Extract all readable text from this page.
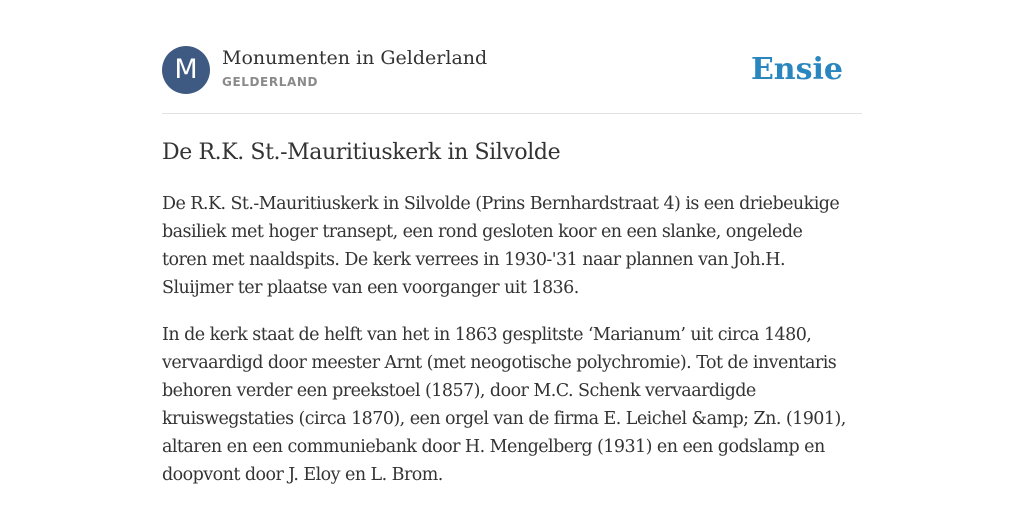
M	Monumenten in Gelderland
GELDERLAND	Ensie
De R.K. St.-Mauritiuskerk in Silvolde

De R.K. St.-Mauritiuskerk in Silvolde (Prins Bernhardstraat 4) is een driebeukige
basiliek met hoger transept, een rond gesloten koor en een slanke, ongelede
toren met naaldspits. De kerk verrees in 1930-'31 naar plannen van Joh.H.
Sluijmer ter plaatse van een voorganger uit 1836.

In de kerk staat de helft van het in 1863 gesplitste ‘Marianum’ uit circa 1480,
vervaardigd door meester Arnt (met neogotische polychromie). Tot de inventaris
behoren verder een preekstoel (1857), door M.C. Schenk vervaardigde
kruiswegstaties (circa 1870), een orgel van de firma E. Leichel &amp; Zn. (1901),
altaren en een communiebank door H. Mengelberg (1931) en een godslamp en
doopvont door J. Eloy en L. Brom.
